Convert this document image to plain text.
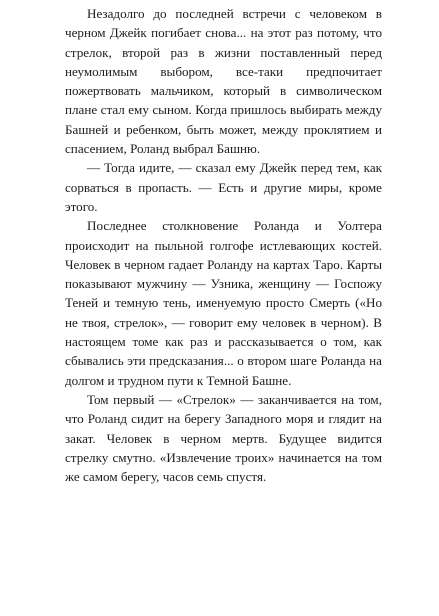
Незадолго до последней встречи с человеком в черном Джейк погибает снова... на этот раз потому, что стрелок, второй раз в жизни поставленный перед неумолимым выбором, все-таки предпочитает пожертвовать мальчиком, который в символическом плане стал ему сыном. Когда пришлось выбирать между Башней и ребенком, быть может, между проклятием и спасением, Роланд выбрал Башню.

— Тогда идите, — сказал ему Джейк перед тем, как сорваться в пропасть. — Есть и другие миры, кроме этого.

Последнее столкновение Роланда и Уолтера происходит на пыльной голгофе истлевающих костей. Человек в черном гадает Роланду на картах Таро. Карты показывают мужчину — Узника, женщину — Госпожу Теней и темную тень, именуемую просто Смерть («Но не твоя, стрелок», — говорит ему человек в черном). В настоящем томе как раз и рассказывается о том, как сбывались эти предсказания... о втором шаге Роланда на долгом и трудном пути к Темной Башне.

Том первый — «Стрелок» — заканчивается на том, что Роланд сидит на берегу Западного моря и глядит на закат. Человек в черном мертв. Будущее видится стрелку смутно. «Извлечение троих» начинается на том же самом берегу, часов семь спустя.
